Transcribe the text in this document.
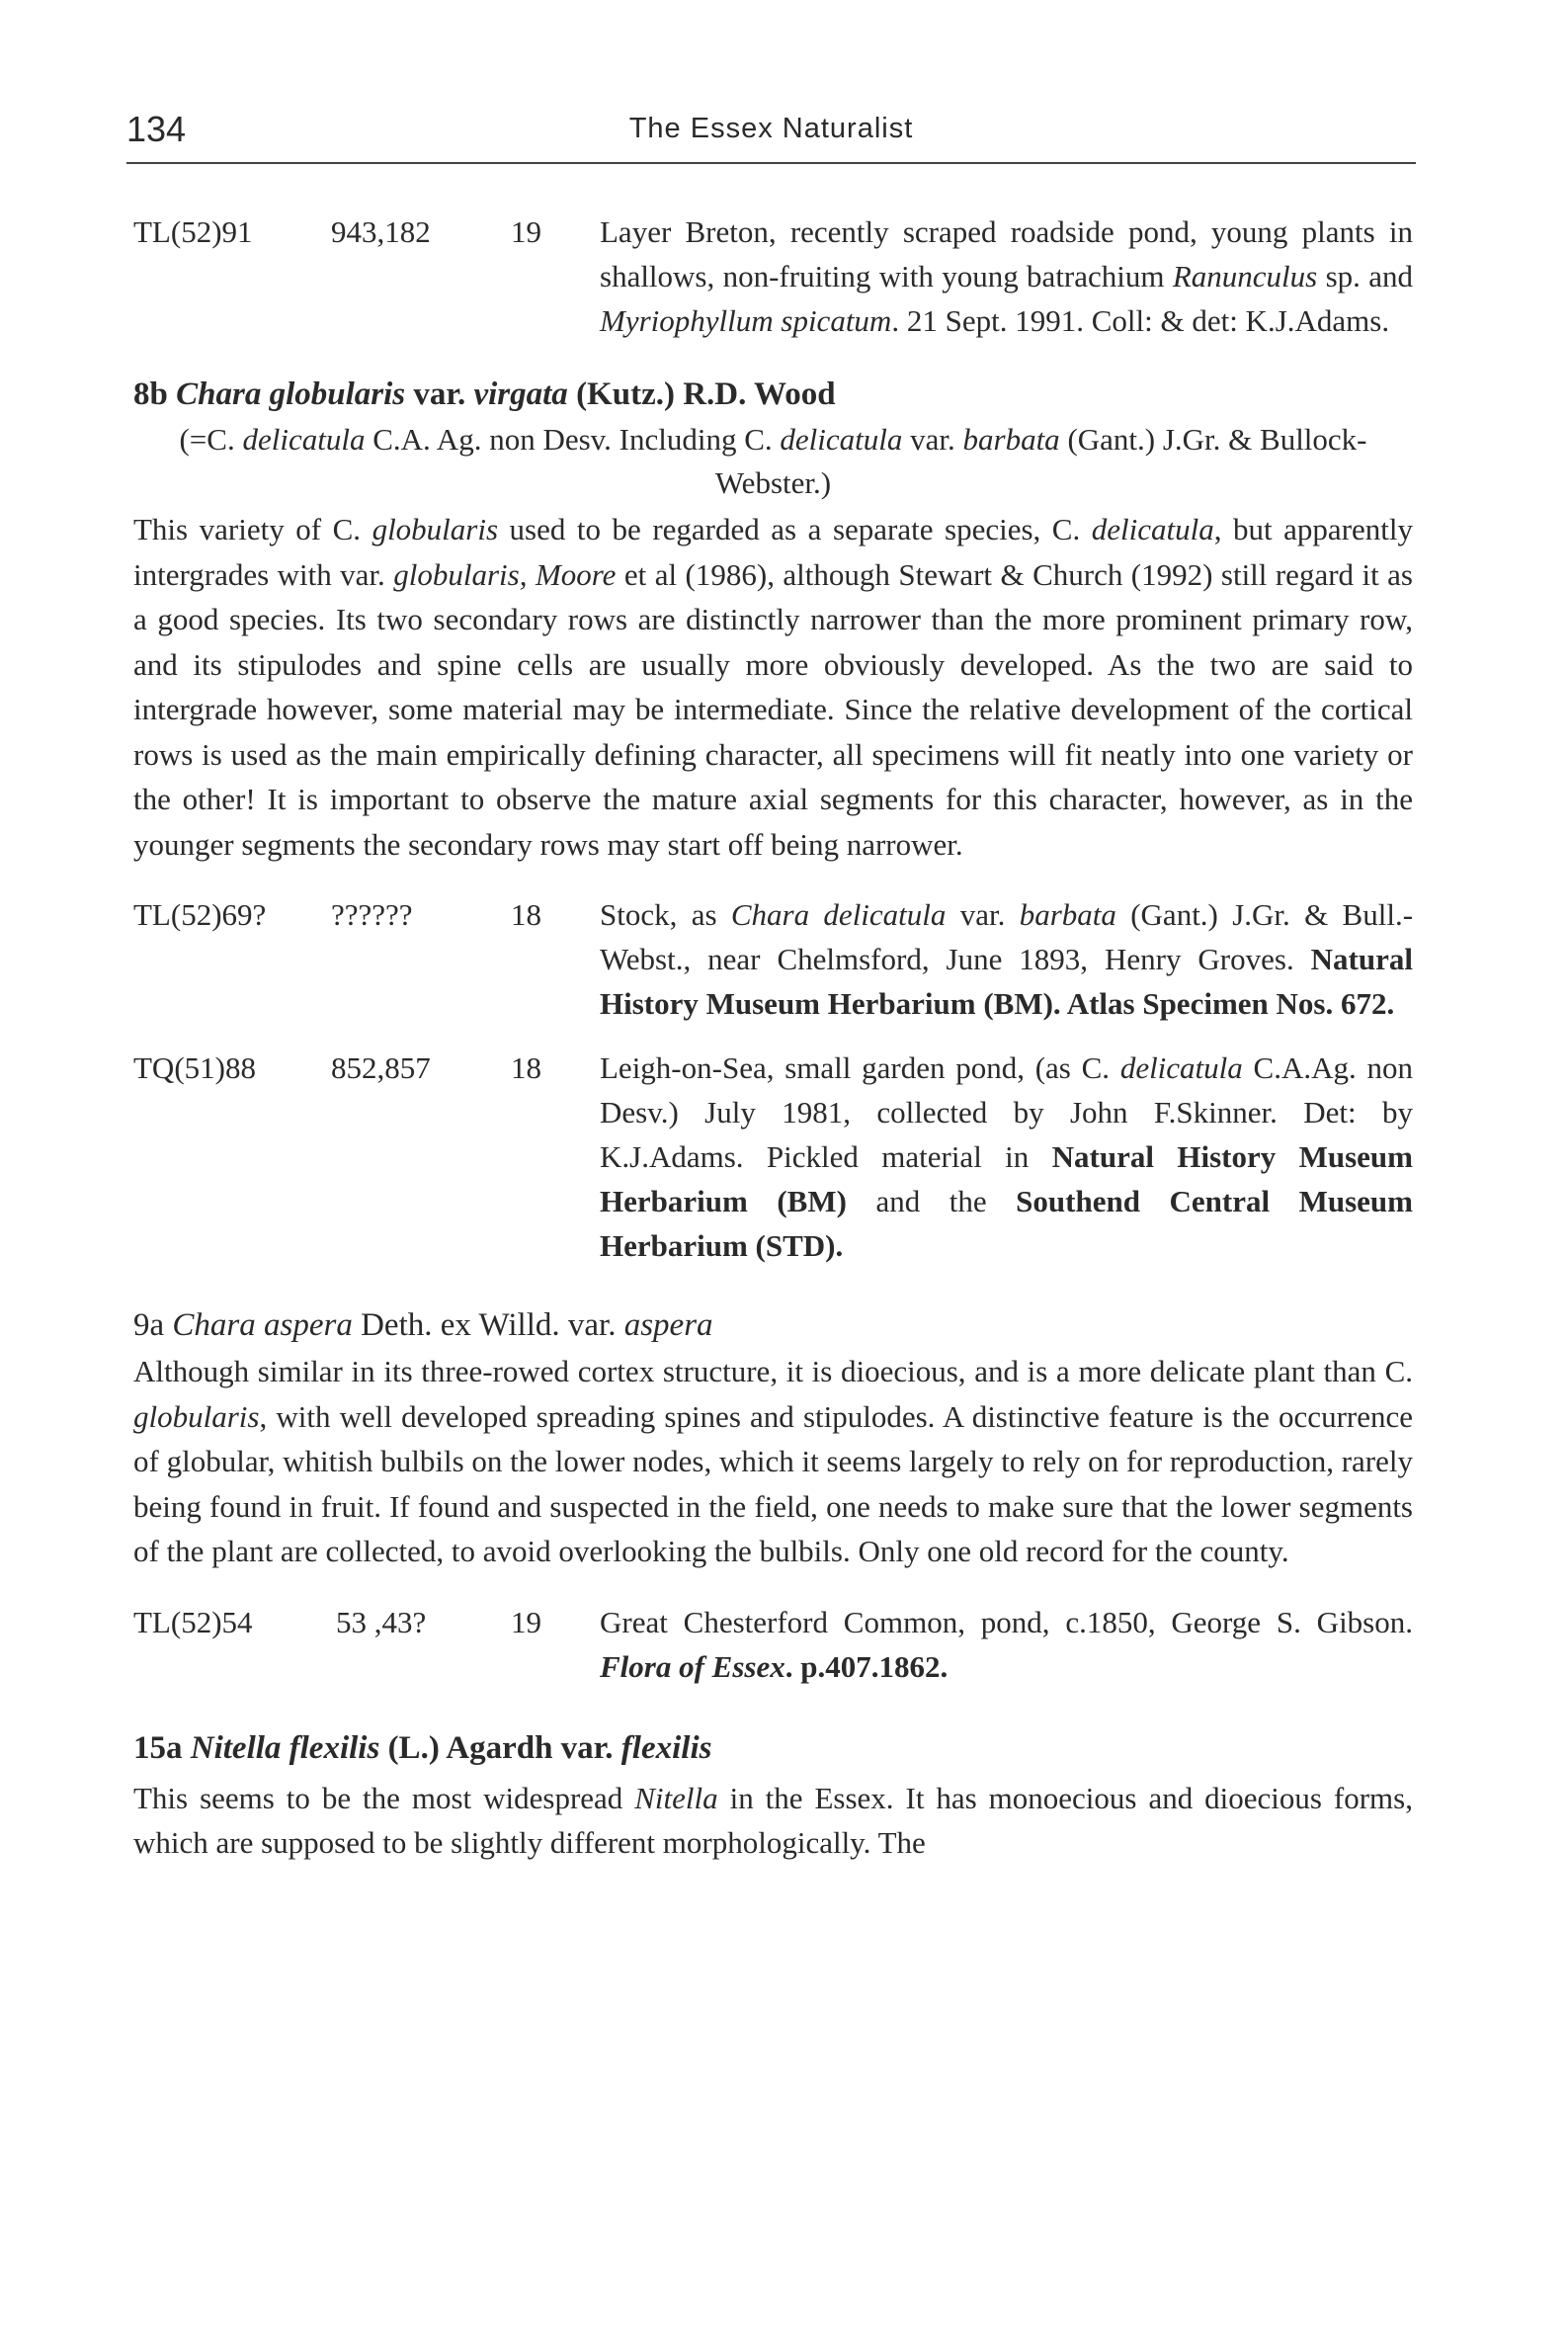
134	The Essex Naturalist
TL(52)91	943,182	19 Layer Breton, recently scraped roadside pond, young plants in shallows, non-fruiting with young batrachium Ranunculus sp. and Myriophyllum spicatum. 21 Sept. 1991. Coll: & det: K.J.Adams.

8b Chara globularis var. virgata (Kutz.) R.D. Wood

(=C. delicatula C.A. Ag. non Desv. Including C. delicatula var. barbata (Gant.) J.Gr. & Bullock-Webster.)

This variety of C. globularis used to be regarded as a separate species, C. delicatula, but apparently intergrades with var. globularis, Moore et al (1986), although Stewart & Church (1992) still regard it as a good species. Its two secondary rows are distinctly narrower than the more prominent primary row, and its stipulodes and spine cells are usually more obviously developed. As the two are said to intergrade however, some material may be intermediate. Since the relative development of the cortical rows is used as the main empirically defining character, all specimens will fit neatly into one variety or the other! It is important to observe the mature axial segments for this character, however, as in the younger segments the secondary rows may start off being narrower.

TL(52)69? ??????	18 Stock, as Chara delicatula var. barbata (Gant.) J.Gr. & Bull.-Webst., near Chelmsford, June 1893, Henry Groves. Natural History Museum Herbarium (BM). Atlas Specimen Nos. 672.
TQ(51)88 852,857	18 Leigh-on-Sea, small garden pond, (as C. delicatula C.A.Ag. non Desv.) July 1981, collected by John F.Skinner. Det: by K.J.Adams. Pickled material in Natural History Museum Herbarium (BM) and the Southend Central Museum Herbarium (STD).

9a Chara aspera Deth. ex Willd. var. aspera

Although similar in its three-rowed cortex structure, it is dioecious, and is a more delicate plant than C. globularis, with well developed spreading spines and stipulodes. A distinctive feature is the occurrence of globular, whitish bulbils on the lower nodes, which it seems largely to rely on for reproduction, rarely being found in fruit. If found and suspected in the field, one needs to make sure that the lower segments of the plant are collected, to avoid overlooking the bulbils. Only one old record for the county.

TL(52)54	53 ,43?	19 Great Chesterford Common, pond, c.1850, George S. Gibson. Flora of Essex. p.407.1862.

15a Nitella flexilis (L.) Agardh var. flexilis

This seems to be the most widespread Nitella in the Essex. It has monoecious and dioecious forms, which are supposed to be slightly different morphologically. The
